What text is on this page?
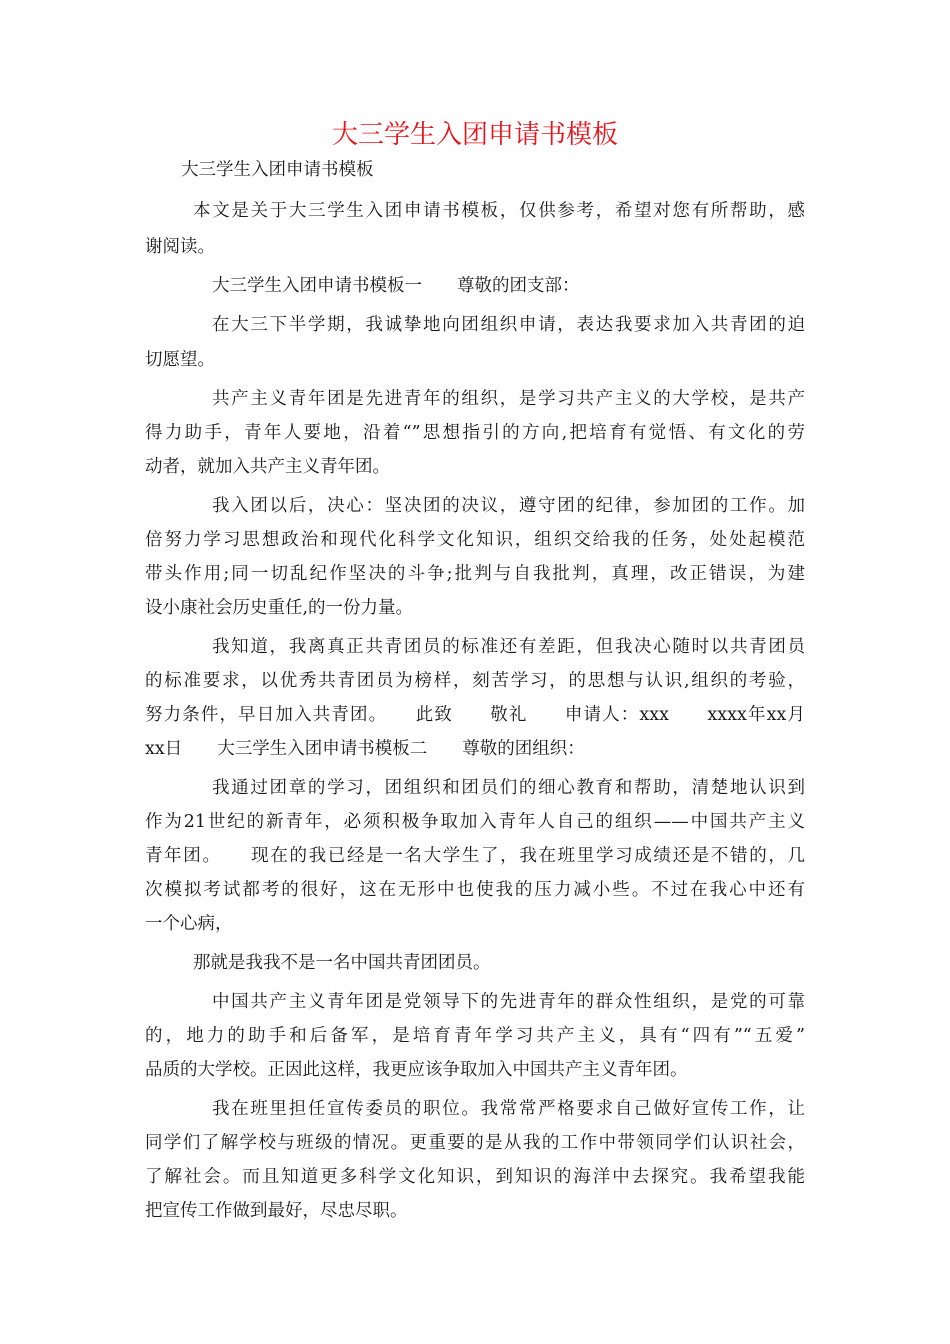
大三学生入团申请书模板
大三学生入团申请书模板
本文是关于大三学生入团申请书模板，仅供参考，希望对您有所帮助，感
谢阅读。
大三学生入团申请书模板一　　尊敬的团支部：
在大三下半学期，我诚挚地向团组织申请，表达我要求加入共青团的迫
切愿望。
共产主义青年团是先进青年的组织，是学习共产主义的大学校，是共产
得力助手，青年人要地，沿着“”思想指引的方向,把培育有觉悟、有文化的劳
动者，就加入共产主义青年团。
我入团以后，决心：坚决团的决议，遵守团的纪律，参加团的工作。加
倍努力学习思想政治和现代化科学文化知识，组织交给我的任务，处处起模范
带头作用;同一切乱纪作坚决的斗争;批判与自我批判，真理，改正错误，为建
设小康社会历史重任,的一份力量。
我知道，我离真正共青团员的标准还有差距，但我决心随时以共青团员
的标准要求，以优秀共青团员为榜样，刻苦学习，的思想与认识,组织的考验，
努力条件，早日加入共青团。　　此致　　敬礼　　申请人：xxx　　xxxx年xx月
xx日　　大三学生入团申请书模板二　　尊敬的团组织：
我通过团章的学习，团组织和团员们的细心教育和帮助，清楚地认识到
作为21世纪的新青年，必须积极争取加入青年人自己的组织——中国共产主义
青年团。　　现在的我已经是一名大学生了，我在班里学习成绩还是不错的，几
次模拟考试都考的很好，这在无形中也使我的压力减小些。不过在我心中还有
一个心病，
那就是我我不是一名中国共青团团员。
中国共产主义青年团是党领导下的先进青年的群众性组织，是党的可靠
的，地力的助手和后备军，是培育青年学习共产主义，具有“四有”“五爱”
品质的大学校。正因此这样，我更应该争取加入中国共产主义青年团。
我在班里担任宣传委员的职位。我常常严格要求自己做好宣传工作，让
同学们了解学校与班级的情况。更重要的是从我的工作中带领同学们认识社会，
了解社会。而且知道更多科学文化知识，到知识的海洋中去探究。我希望我能
把宣传工作做到最好，尽忠尽职。
